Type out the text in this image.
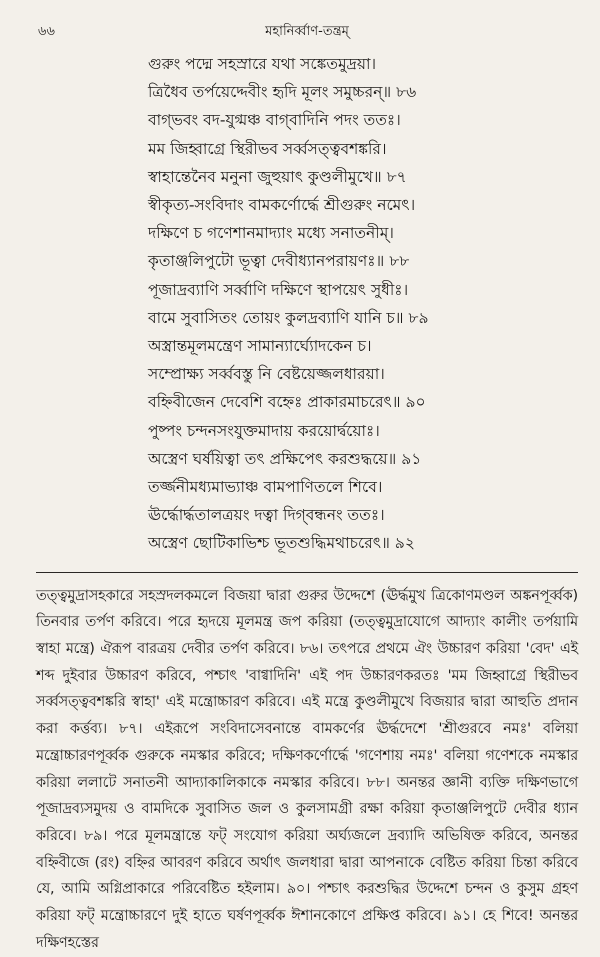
৬৬	মহানির্ব্বাণ-তন্ত্রম্
গুরুং পদ্মে সহস্রারে যথা সঙ্কেতমুদ্রয়া।
ত্রিধৈব তর্পয়েদ্দেবীং হৃদি মূলং সমুচ্চরন্॥ ৮৬
বাগ্‌ভবং বদ-যুগ্মঞ্চ বাগ্‌বাদিনি পদং ততঃ।
মম জিহ্বাগ্রে স্থিরীভব সর্ব্বসত্ত্ববশঙ্করি।
স্বাহান্তেনৈব মনুনা জুহুয়াৎ কুণ্ডলীমুখে॥ ৮৭
স্বীকৃত্য-সংবিদাং বামকর্ণোর্দ্ধে শ্রীগুরুং নমেৎ।
দক্ষিণে চ গণেশানমাদ্যাং মধ্যে সনাতনীম্।
কৃতাঞ্জলিপুটো ভূত্বা দেবীধ্যানপরায়ণঃ॥ ৮৮
পূজাদ্রব্যাণি সর্ব্বাণি দক্ষিণে স্থাপয়েৎ সুধীঃ।
বামে সুবাসিতং তোয়ং কুলদ্রব্যাণি যানি চ॥ ৮৯
অস্ত্রান্তমূলমন্ত্রেণ সামান্যার্ঘ্যোদকেন চ।
সম্প্রোক্ষ্য সর্ব্ববস্তু নি বেষ্টয়েজ্জলধারয়া।
বহ্নিবীজেন দেবেশি বহ্নেঃ প্রাকারমাচরেৎ॥ ৯০
পুষ্পং চন্দনসংযুক্তমাদায় করয়োর্দ্বয়োঃ।
অস্ত্রেণ ঘর্ষয়িত্বা তৎ প্রক্ষিপেৎ করশুদ্ধয়ে॥ ৯১
তর্জ্জনীমধ্যমাভ্যাঞ্চ বামপাণিতলে শিবে।
ঊর্দ্ধোর্দ্ধতালত্রয়ং দত্বা দিগ্‌বন্ধনং ততঃ।
অস্ত্রেণ ছোটিকাভিশ্চ ভূতশুদ্ধিমথাচরেৎ॥ ৯২

তত্ত্বমুদ্রাসহকারে সহস্রদলকমলে বিজয়া দ্বারা গুরুর উদ্দেশে (ঊর্দ্ধমুখ ত্রিকোণমণ্ডল অঙ্কনপূর্ব্বক) তিনবার তর্পণ করিবে। পরে হৃদয়ে মূলমন্ত্র জপ করিয়া (তত্ত্বমুদ্রাযোগে আদ্যাং কালীং তর্পয়ামি স্বাহা মন্ত্রে) ঐরূপ বারত্রয় দেবীর তর্পণ করিবে। ৮৬। তৎপরে প্রথমে ঐং উচ্চারণ করিয়া 'বেদ' এই শব্দ দুইবার উচ্চারণ করিবে, পশ্চাৎ 'বাগ্বাদিনি' এই পদ উচ্চারণকরতঃ 'মম জিহ্বাগ্রে স্থিরীভব সর্ব্বসত্ত্ববশঙ্করি স্বাহা' এই মন্ত্রোচ্চারণ করিবে। এই মন্ত্রে কুণ্ডলীমুখে বিজয়ার দ্বারা আহুতি প্রদান করা কর্ত্তব্য। ৮৭। এইরূপে সংবিদাসেবনান্তে বামকর্ণের ঊর্দ্ধদেশে 'শ্রীগুরবে নমঃ' বলিয়া মন্ত্রোচ্চারণপূর্ব্বক গুরুকে নমস্কার করিবে; দক্ষিণকর্ণোর্দ্ধে 'গণেশায় নমঃ' বলিয়া গণেশকে নমস্কার করিয়া ললাটে সনাতনী আদ্যাকালিকাকে নমস্কার করিবে। ৮৮। অনন্তর জ্ঞানী ব্যক্তি দক্ষিণভাগে পূজাদ্রব্যসমুদয় ও বামদিকে সুবাসিত জল ও কুলসামগ্রী রক্ষা করিয়া কৃতাঞ্জলিপুটে দেবীর ধ্যান করিবে। ৮৯। পরে মূলমন্ত্রান্তে ফট্ সংযোগ করিয়া অর্ঘ্যজলে দ্রব্যাদি অভিষিক্ত করিবে, অনন্তর বহ্নিবীজে (রং) বহ্নির আবরণ করিবে অর্থাৎ জলধারা দ্বারা আপনাকে বেষ্টিত করিয়া চিন্তা করিবে যে, আমি অগ্নিপ্রাকারে পরিবেষ্টিত হইলাম। ৯০। পশ্চাৎ করশুদ্ধির উদ্দেশে চন্দন ও কুসুম গ্রহণ করিয়া ফট্ মন্ত্রোচ্চারণে দুই হাতে ঘর্ষণপূর্ব্বক ঈশানকোণে প্রক্ষিপ্ত করিবে। ৯১। হে শিবে! অনন্তর দক্ষিণহস্তের
